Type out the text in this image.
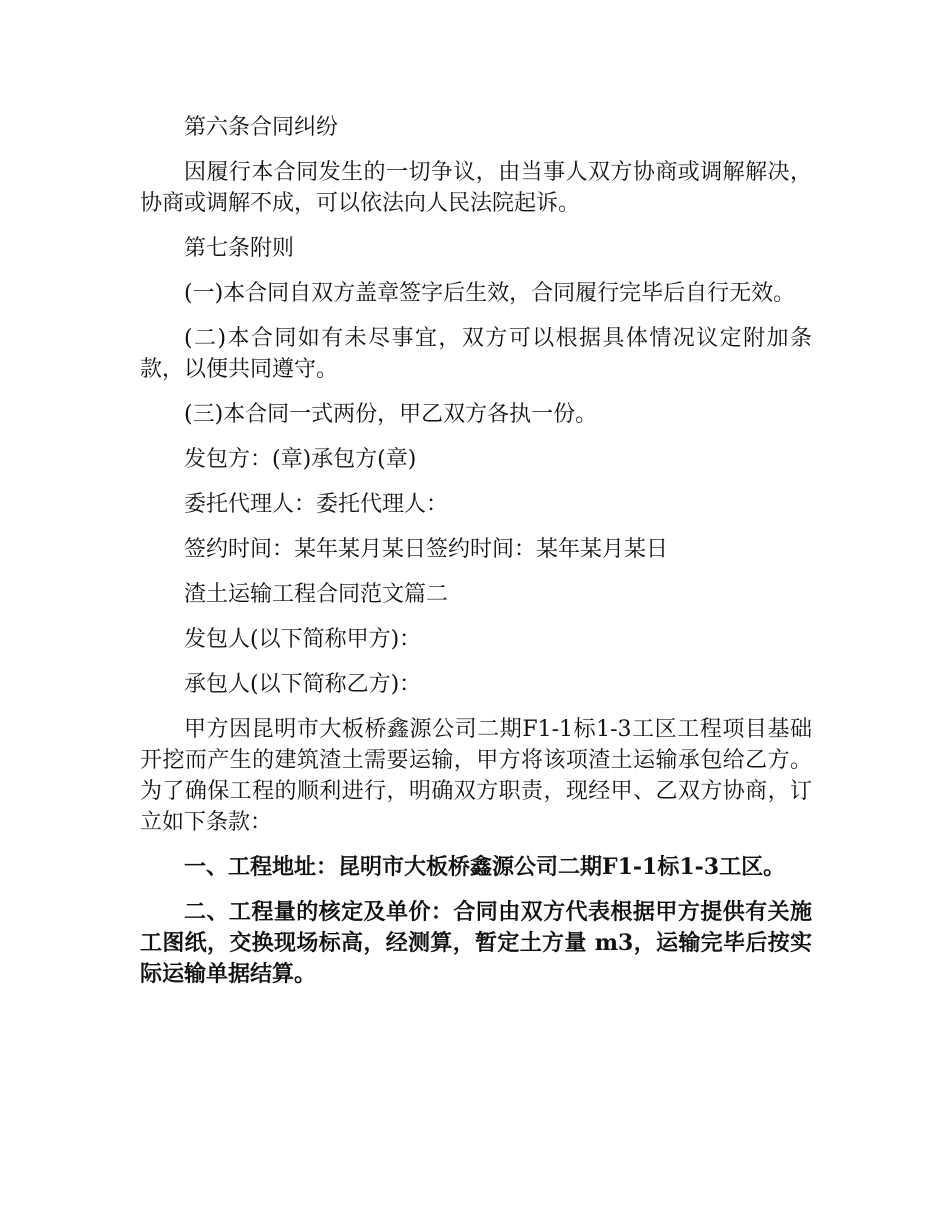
第六条合同纠纷

因履行本合同发生的一切争议，由当事人双方协商或调解解决，协商或调解不成，可以依法向人民法院起诉。

第七条附则

(一)本合同自双方盖章签字后生效，合同履行完毕后自行无效。

(二)本合同如有未尽事宜，双方可以根据具体情况议定附加条款，以便共同遵守。

(三)本合同一式两份，甲乙双方各执一份。

发包方：(章)承包方(章)

委托代理人：委托代理人：

签约时间：某年某月某日签约时间：某年某月某日

渣土运输工程合同范文篇二

发包人(以下简称甲方)：

承包人(以下简称乙方)：

甲方因昆明市大板桥鑫源公司二期F1-1标1-3工区工程项目基础开挖而产生的建筑渣土需要运输，甲方将该项渣土运输承包给乙方。为了确保工程的顺利进行，明确双方职责，现经甲、乙双方协商，订立如下条款：

一、工程地址：昆明市大板桥鑫源公司二期F1-1标1-3工区。

二、工程量的核定及单价：合同由双方代表根据甲方提供有关施工图纸，交换现场标高，经测算，暂定土方量 m3，运输完毕后按实际运输单据结算。
